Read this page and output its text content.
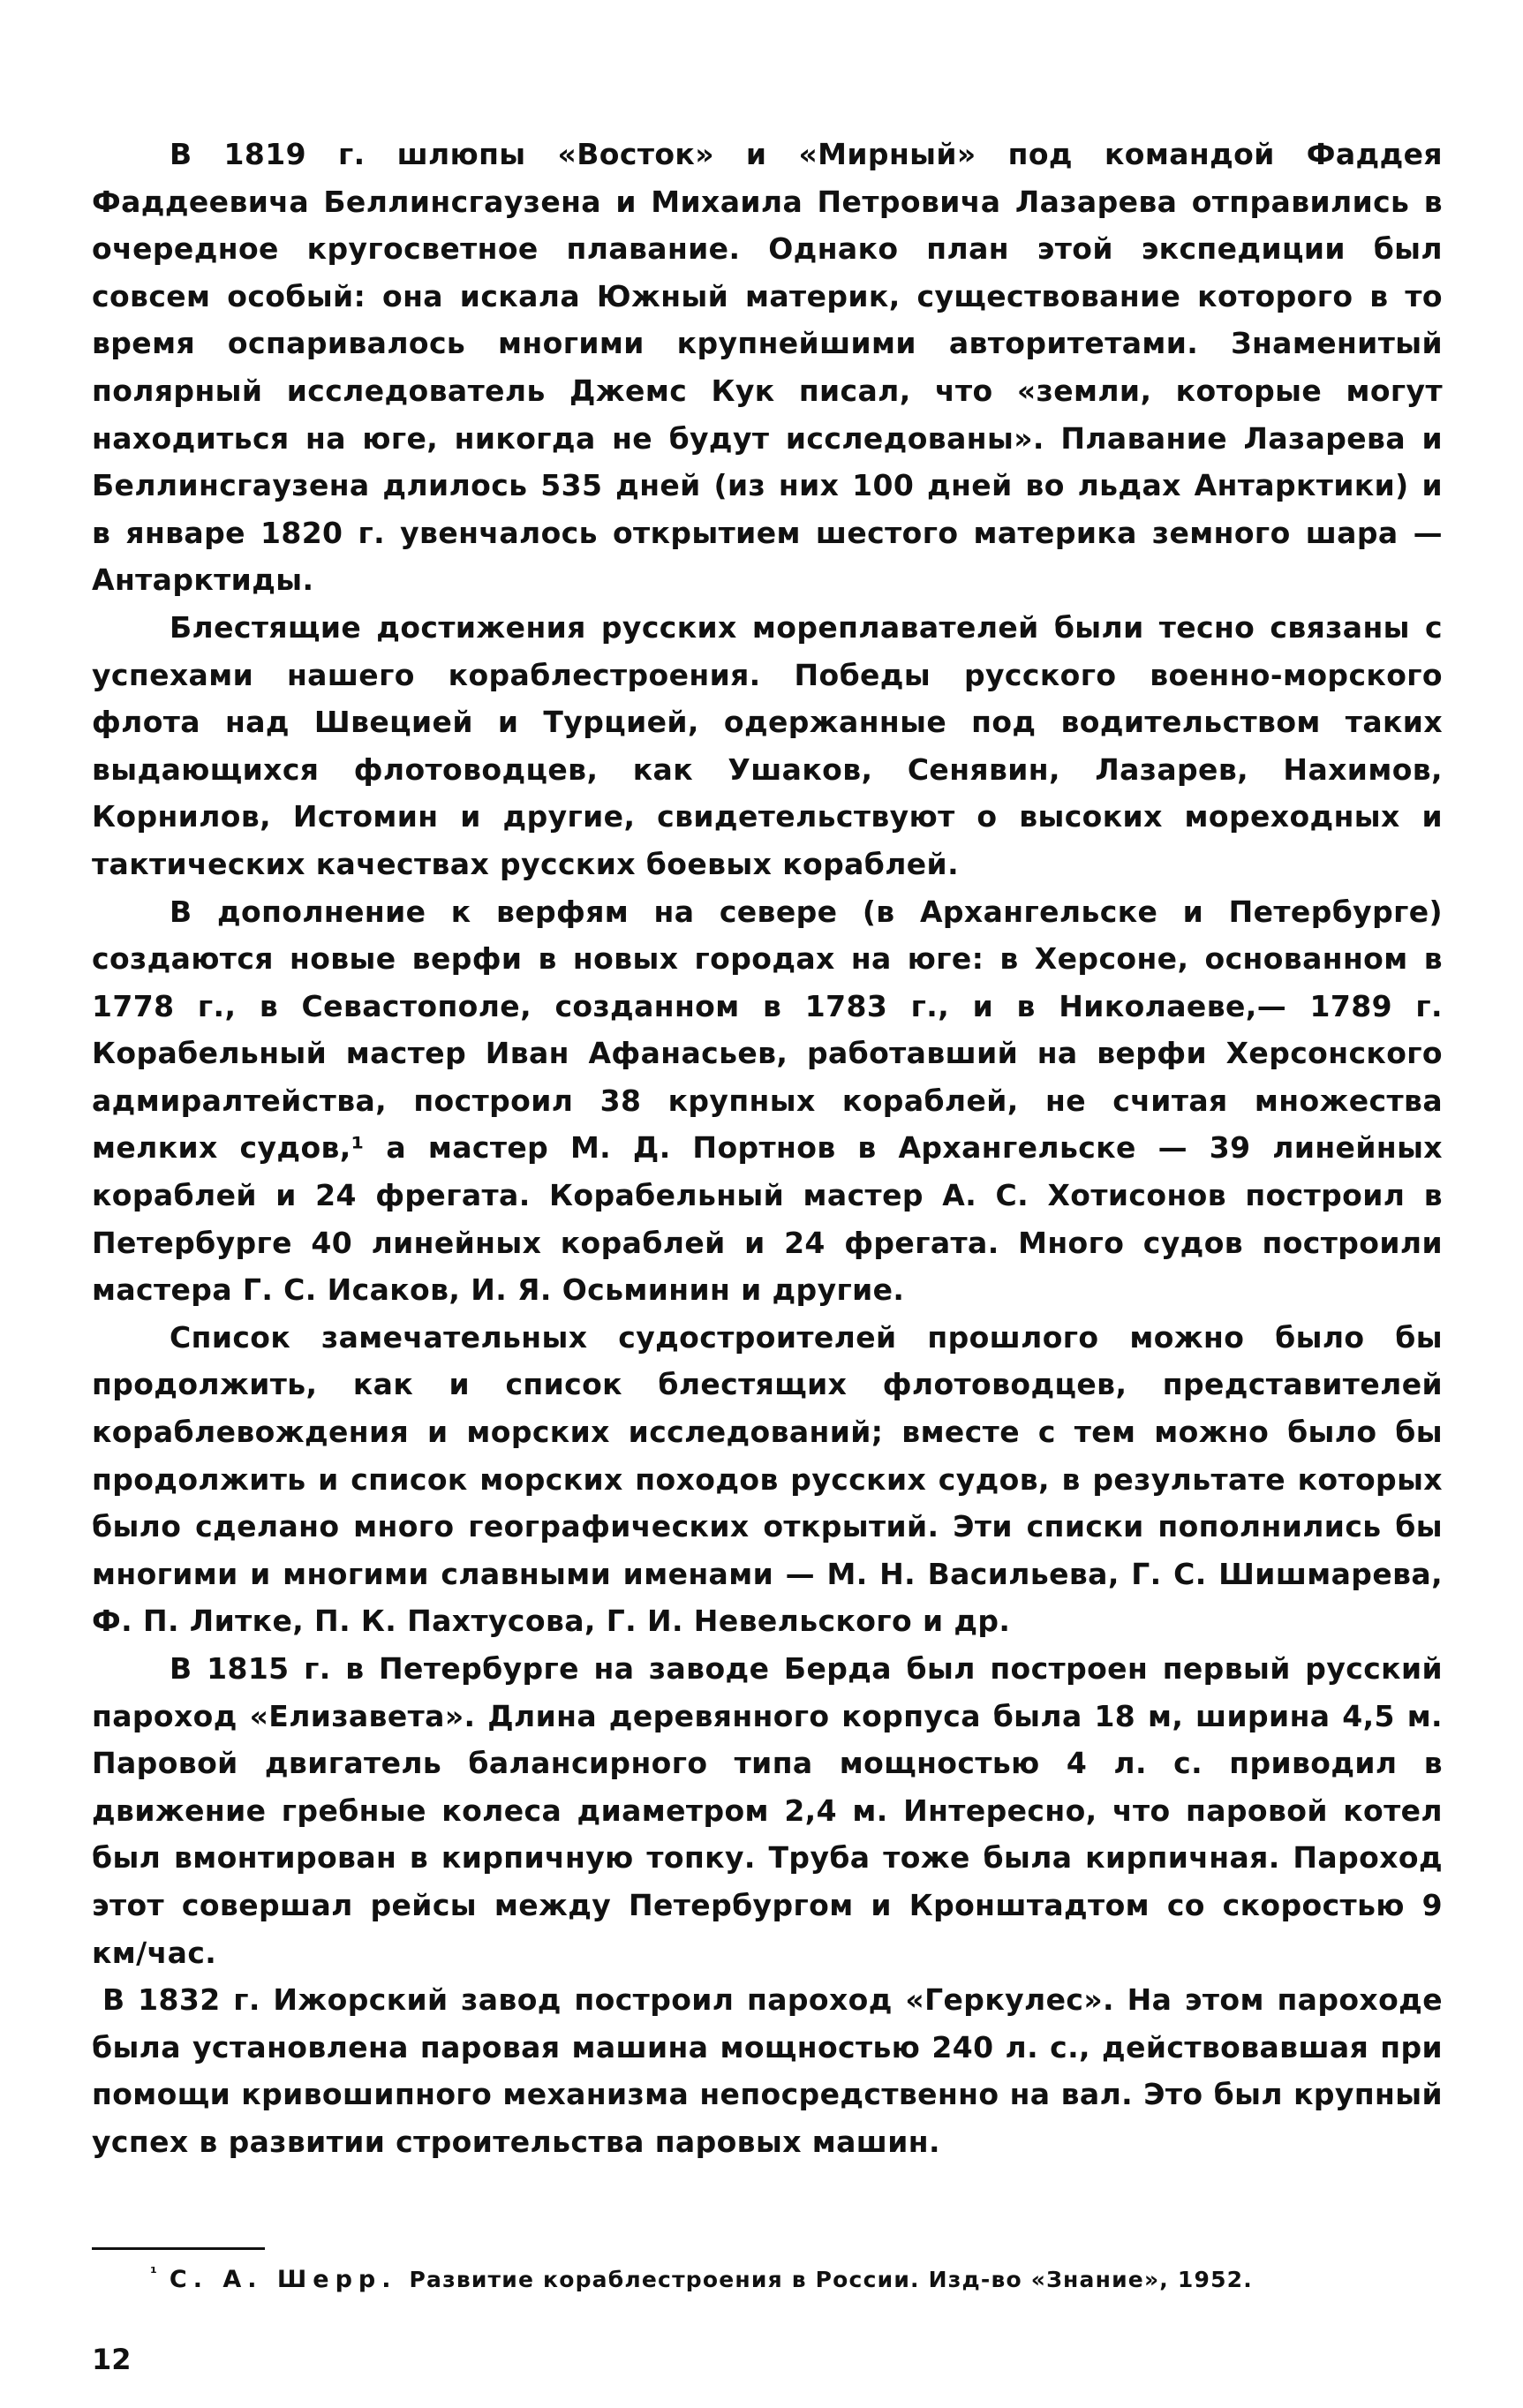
В 1819 г. шлюпы «Восток» и «Мирный» под командой Фаддея Фаддеевича Беллинсгаузена и Михаила Петровича Лазарева отправились в очередное кругосветное плавание. Однако план этой экспедиции был совсем особый: она искала Южный материк, существование которого в то время оспаривалось многими крупнейшими авторитетами. Знаменитый полярный исследователь Джемс Кук писал, что «земли, которые могут находиться на юге, никогда не будут исследованы». Плавание Лазарева и Беллинсгаузена длилось 535 дней (из них 100 дней во льдах Антарктики) и в январе 1820 г. увенчалось открытием шестого материка земного шара — Антарктиды.

Блестящие достижения русских мореплавателей были тесно связаны с успехами нашего кораблестроения. Победы русского военно-морского флота над Швецией и Турцией, одержанные под водительством таких выдающихся флотоводцев, как Ушаков, Сенявин, Лазарев, Нахимов, Корнилов, Истомин и другие, свидетельствуют о высоких мореходных и тактических качествах русских боевых кораблей.

В дополнение к верфям на севере (в Архангельске и Петербурге) создаются новые верфи в новых городах на юге: в Херсоне, основанном в 1778 г., в Севастополе, созданном в 1783 г., и в Николаеве,— 1789 г. Корабельный мастер Иван Афанасьев, работавший на верфи Херсонского адмиралтейства, построил 38 крупных кораблей, не считая множества мелких судов,¹ а мастер М. Д. Портнов в Архангельске — 39 линейных кораблей и 24 фрегата. Корабельный мастер А. С. Хотисонов построил в Петербурге 40 линейных кораблей и 24 фрегата. Много судов построили мастера Г. С. Исаков, И. Я. Осьминин и другие.

Список замечательных судостроителей прошлого можно было бы продолжить, как и список блестящих флотоводцев, представителей кораблевождения и морских исследований; вместе с тем можно было бы продолжить и список морских походов русских судов, в результате которых было сделано много географических открытий. Эти списки пополнились бы многими и многими славными именами — М. Н. Васильева, Г. С. Шишмарева, Ф. П. Литке, П. К. Пахтусова, Г. И. Невельского и др.

В 1815 г. в Петербурге на заводе Берда был построен первый русский пароход «Елизавета». Длина деревянного корпуса была 18 м, ширина 4,5 м. Паровой двигатель балансирного типа мощностью 4 л. с. приводил в движение гребные колеса диаметром 2,4 м. Интересно, что паровой котел был вмонтирован в кирпичную топку. Труба тоже была кирпичная. Пароход этот совершал рейсы между Петербургом и Кронштадтом со скоростью 9 км/час.

В 1832 г. Ижорский завод построил пароход «Геркулес». На этом пароходе была установлена паровая машина мощностью 240 л. с., действовавшая при помощи кривошипного механизма непосредственно на вал. Это был крупный успех в развитии строительства паровых машин.

$^{^1}$ С. А. Шерр. Развитие кораблестроения в России. Изд-во «Знание», 1952.
12
